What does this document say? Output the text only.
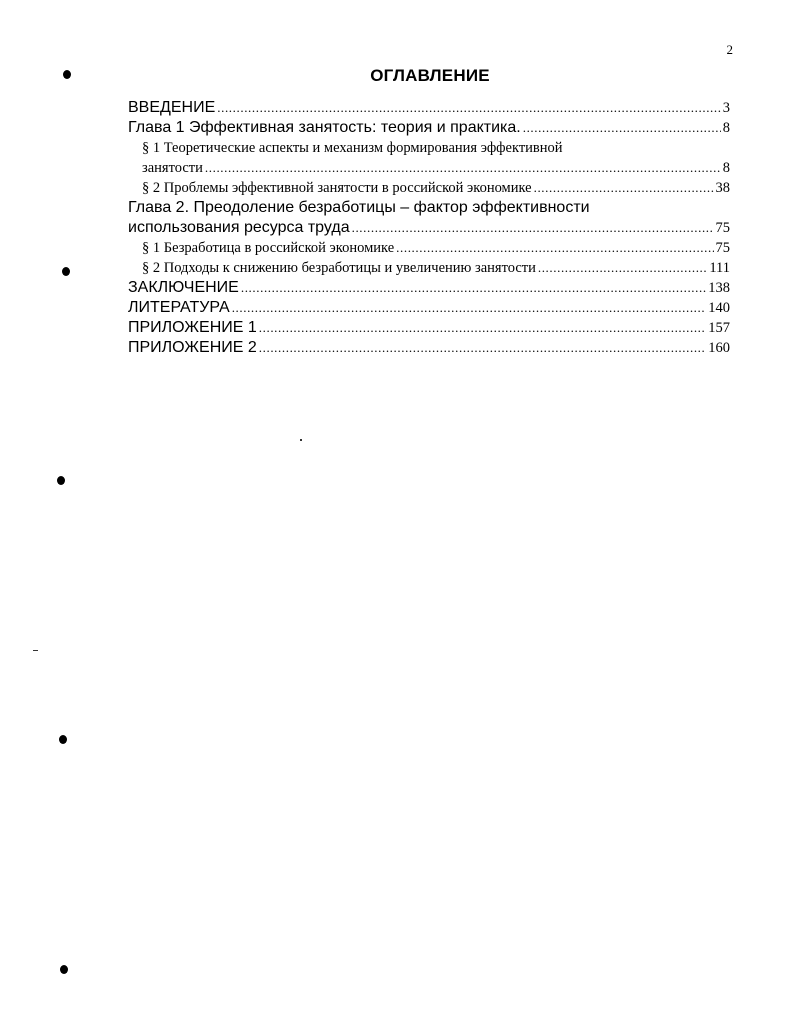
2
ОГЛАВЛЕНИЕ
ВВЕДЕНИЕ .....	3
Глава 1 Эффективная занятость: теория и практика. .....	8
§ 1 Теоретические аспекты и механизм формирования эффективной
занятости .....	8
§ 2 Проблемы эффективной занятости в российской экономике .....	38
Глава 2. Преодоление безработицы – фактор эффективности
использования ресурса труда .....	75
§ 1 Безработица в российской экономике .....	75
§ 2 Подходы к снижению безработицы и увеличению занятости .....	111
ЗАКЛЮЧЕНИЕ .....	138
ЛИТЕРАТУРА .....	140
ПРИЛОЖЕНИЕ 1 .....	157
ПРИЛОЖЕНИЕ 2 .....	160
